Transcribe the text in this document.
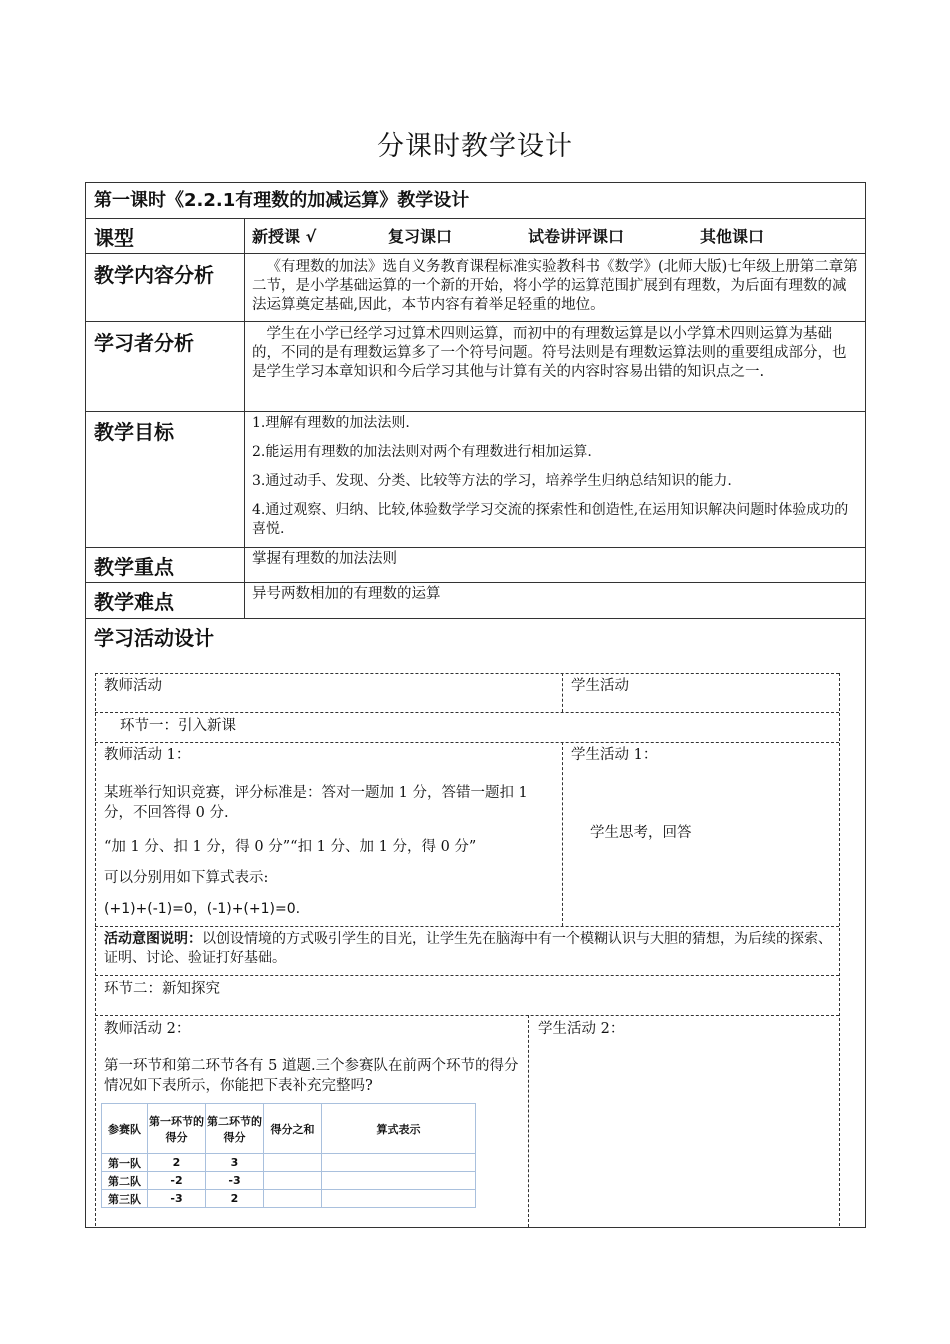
分课时教学设计
第一课时《2.2.1有理数的加减运算》教学设计
课型	新授课 √	复习课口	试卷讲评课口	其他课口
教学内容分析	《有理数的加法》选自义务教育课程标准实验教科书《数学》(北师大版)七年级上册第二章第二节，是小学基础运算的一个新的开始，将小学的运算范围扩展到有理数，为后面有理数的减法运算奠定基础,因此，本节内容有着举足轻重的地位。
学习者分析	学生在小学已经学习过算术四则运算，而初中的有理数运算是以小学算术四则运算为基础的，不同的是有理数运算多了一个符号问题。符号法则是有理数运算法则的重要组成部分，也是学生学习本章知识和今后学习其他与计算有关的内容时容易出错的知识点之一.
教学目标	1.理解有理数的加法法则.
2.能运用有理数的加法法则对两个有理数进行相加运算.
3.通过动手、发现、分类、比较等方法的学习，培养学生归纳总结知识的能力.
4.通过观察、归纳、比较,体验数学学习交流的探索性和创造性,在运用知识解决问题时体验成功的喜悦.
教学重点	掌握有理数的加法法则
教学难点	异号两数相加的有理数的运算
学习活动设计
教师活动	学生活动
环节一：引入新课
教师活动 1：
某班举行知识竞赛，评分标准是：答对一题加 1 分，答错一题扣 1 分，不回答得 0 分.
“加 1 分、扣 1 分，得 0 分”“扣 1 分、加 1 分，得 0 分”
可以分别用如下算式表示:
(+1)+(-1)=0，(-1)+(+1)=0.
学生活动 1：
学生思考，回答
活动意图说明：以创设情境的方式吸引学生的目光，让学生先在脑海中有一个模糊认识与大胆的猜想，为后续的探索、证明、讨论、验证打好基础。
环节二：新知探究
教师活动 2：
第一环节和第二环节各有 5 道题.三个参赛队在前两个环节的得分情况如下表所示，你能把下表补充完整吗?
学生活动 2：
参赛队	第一环节的得分	第二环节的得分	得分之和	算式表示
第一队	2	3		
第二队	-2	-3		
第三队	-3	2		
